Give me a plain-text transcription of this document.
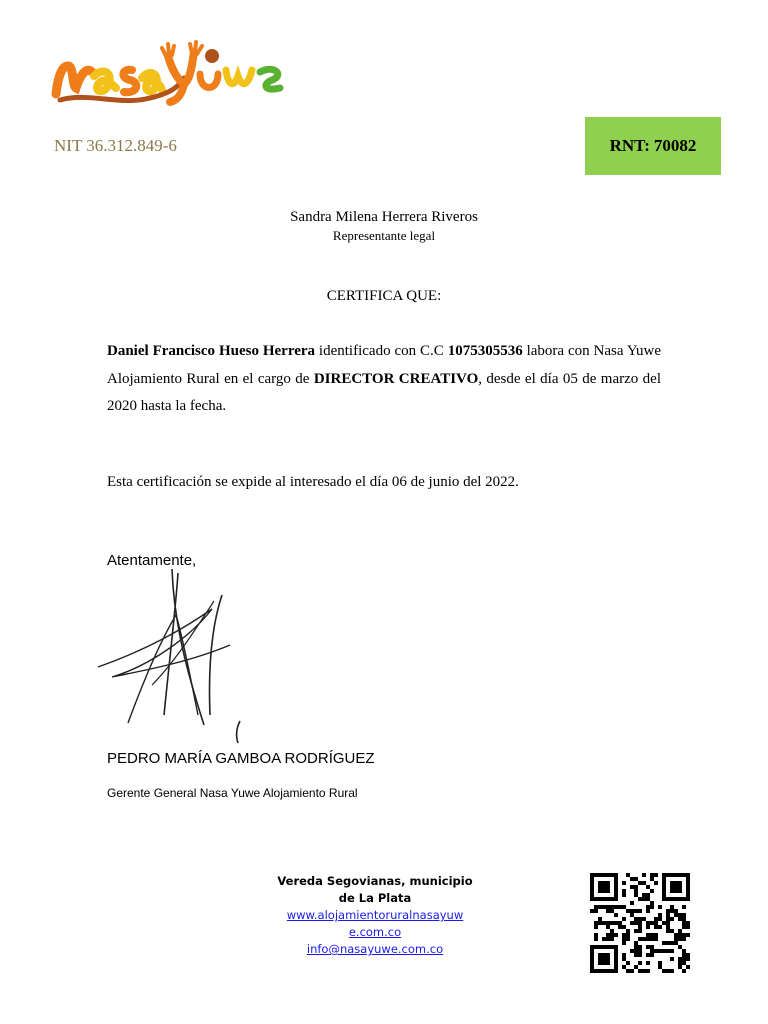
NIT 36.312.849-6	RNT: 70082
Sandra Milena Herrera Riveros
Representante legal
CERTIFICA QUE:

Daniel Francisco Hueso Herrera identificado con C.C 1075305536 labora con Nasa Yuwe Alojamiento Rural en el cargo de DIRECTOR CREATIVO, desde el día 05 de marzo del 2020 hasta la fecha.

Esta certificación se expide al interesado el día 06 de junio del 2022.
Atentamente,
PEDRO MARÍA GAMBOA RODRÍGUEZ
Gerente General Nasa Yuwe Alojamiento Rural
Vereda Segovianas, municipio
de La Plata
www.alojamientoruralnasayuw
e.com.co
info@nasayuwe.com.co
